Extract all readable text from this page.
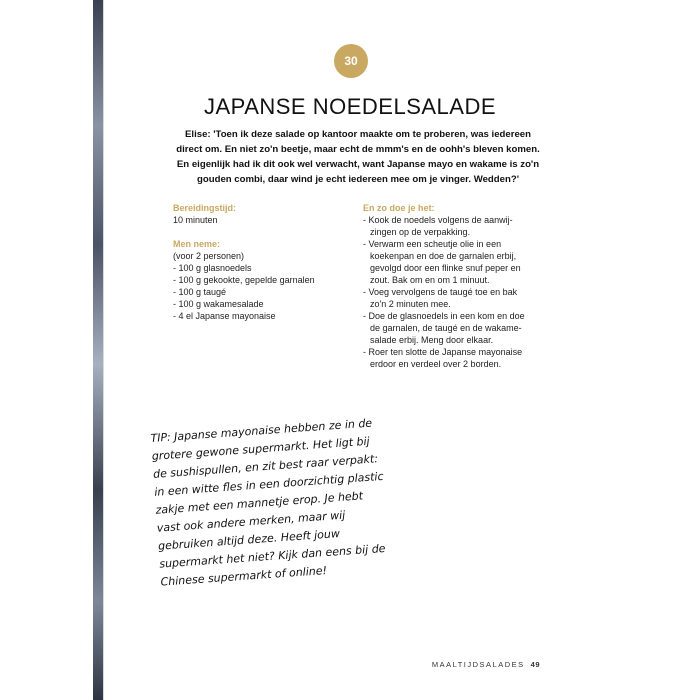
30
JAPANSE NOEDELSALADE
Elise: 'Toen ik deze salade op kantoor maakte om te proberen, was iedereen direct om. En niet zo'n beetje, maar echt de mmm's en de oohh's bleven komen. En eigenlijk had ik dit ook wel verwacht, want Japanse mayo en wakame is zo'n gouden combi, daar wind je echt iedereen mee om je vinger. Wedden?'
Bereidingstijd:
10 minuten
Men neme:
(voor 2 personen)
- 100 g glasnoedels
- 100 g gekookte, gepelde garnalen
- 100 g taugé
- 100 g wakamesalade
- 4 el Japanse mayonaise
En zo doe je het:
- Kook de noedels volgens de aanwij-zingen op de verpakking.
- Verwarm een scheutje olie in een koekenpan en doe de garnalen erbij, gevolgd door een flinke snuf peper en zout. Bak om en om 1 minuut.
- Voeg vervolgens de taugé toe en bak zo'n 2 minuten mee.
- Doe de glasnoedels in een kom en doe de garnalen, de taugé en de wakame-salade erbij. Meng door elkaar.
- Roer ten slotte de Japanse mayonaise erdoor en verdeel over 2 borden.
TIP: Japanse mayonaise hebben ze in de grotere gewone supermarkt. Het ligt bij de sushispullen, en zit best raar verpakt: in een witte fles in een doorzichtig plastic zakje met een mannetje erop. Je hebt vast ook andere merken, maar wij gebruiken altijd deze. Heeft jouw supermarkt het niet? Kijk dan eens bij de Chinese supermarkt of online!
MAALTIJDSALADES 49
